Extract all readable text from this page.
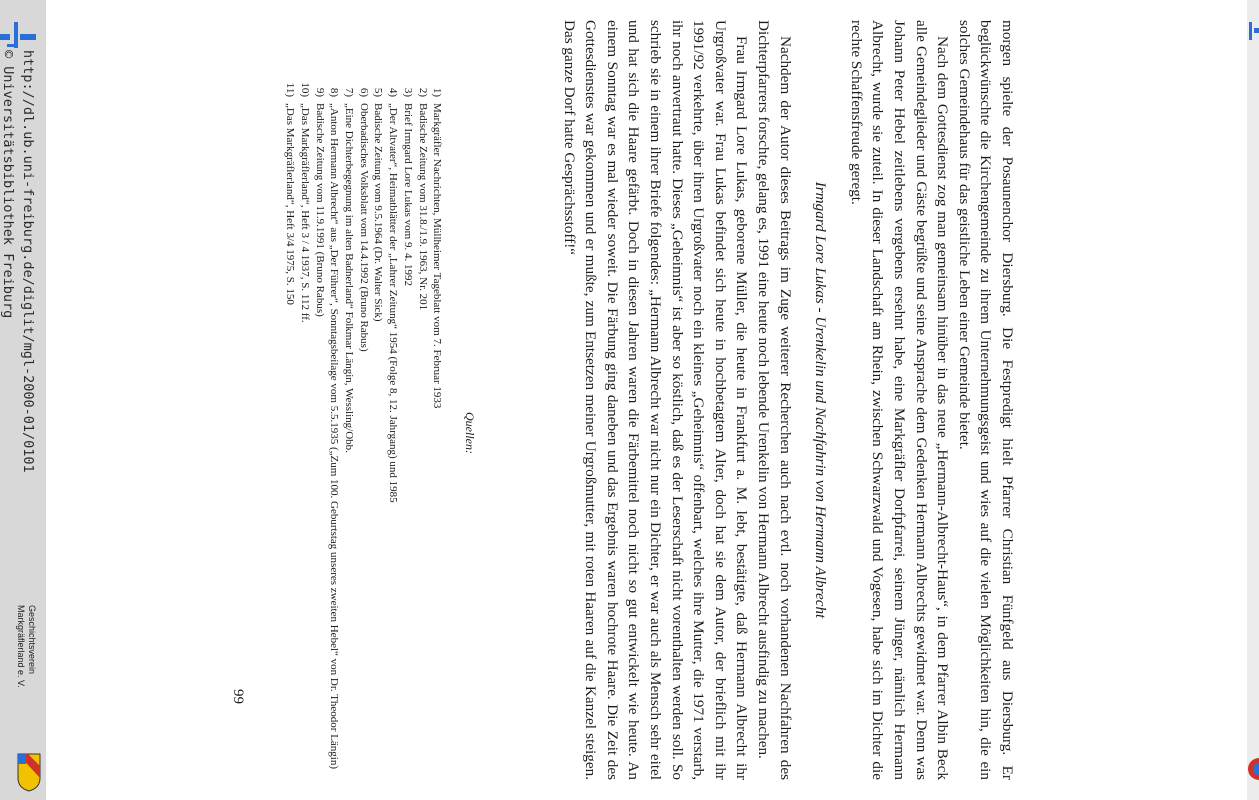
http://dl.ub.uni-freiburg.de/diglit/mgl-2000-01/0101
© Universitätsbibliothek Freiburg
Geschichtsverein
Markgräflerland e. V.	morgen spielte der Posaunenchor Diersburg. Die Festpredigt hielt Pfarrer Christian Fünfgeld aus Diersburg. Er beglückwünschte die Kirchengemeinde zu ihrem Unternehmungsgeist und wies auf die vielen Möglichkeiten hin, die ein solches Gemeindehaus für das geistliche Leben einer Gemeinde bietet.

Nach dem Gottesdienst zog man gemeinsam hinüber in das neue „Hermann-Albrecht-Haus“, in dem Pfarrer Albin Beck alle Gemeindeglieder und Gäste begrüßte und seine Ansprache dem Gedenken Hermann Albrechts gewidmet war. Denn was Johann Peter Hebel zeitlebens vergebens ersehnt habe, eine Markgräfler Dorfpfarrei, seinem Jünger, nämlich Hermann Albrecht, wurde sie zuteil. In dieser Landschaft am Rhein, zwischen Schwarzwald und Vogesen, habe sich im Dichter die rechte Schaffensfreude geregt.

Irmgard Lore Lukas - Urenkelin und Nachfahrin von Hermann Albrecht

Nachdem der Autor dieses Beitrags im Zuge weiterer Recherchen auch nach evtl. noch vorhandenen Nachfahren des Dichterpfarrers forschte, gelang es, 1991 eine heute noch lebende Urenkelin von Hermann Albrecht ausfindig zu machen.

Frau Irmgard Lore Lukas, geborene Müller, die heute in Frankfurt a. M. lebt, bestätigte, daß Hermann Albrecht ihr Urgroßvater war. Frau Lukas befindet sich heute in hochbetagtem Alter, doch hat sie dem Autor, der brieflich mit ihr 1991/92 verkehrte, über ihren Urgroßvater noch ein kleines „Geheimnis“ offenbart, welches ihre Mutter, die 1971 verstarb, ihr noch anvertraut hatte. Dieses „Geheimnis“ ist aber so köstlich, daß es der Leserschaft nicht vorenthalten werden soll. So schrieb sie in einem ihrer Briefe folgendes: „Hermann Albrecht war nicht nur ein Dichter, er war auch als Mensch sehr eitel und hat sich die Haare gefärbt. Doch in diesen Jahren waren die Färbemittel noch nicht so gut entwickelt wie heute. An einem Sonntag war es mal wieder soweit. Die Färbung ging daneben und das Ergebnis waren hochrote Haare. Die Zeit des Gottesdienstes war gekommen und er mußte, zum Entsetzen meiner Urgroßmutter, mit roten Haaren auf die Kanzel steigen. Das ganze Dorf hatte Gesprächsstoff!“

Quellen:
1)
Markgräfler Nachrichten, Müllheimer Tageblatt vom 7. Februar 1933
2)
Badische Zeitung vom 31.8./1.9. 1963, Nr. 201
3)
Brief Irmgard Lore Lukas vom 9. 4. 1992
4)
„Der Altvater“, Heimatblätter der „Lahrer Zeitung“ 1954 (Folge 8, 12. Jahrgang) und 1985
5)
Badische Zeitung vom 9.5.1964 (Dr. Walter Sick)
6)
Oberbadisches Volksblatt vom 14.4.1992 (Bruno Rabus)
7)
„Eine Dichterbegegnung im alten Badnerland“ Folkmar Längin, Wessling/Obb.
8)
„Anton Hermann Albrecht“ aus „Der Führer“, Sonntagsbeilage vom 5.5.1935 („Zum 100. Geburtstag unseres zweiten Hebel“ von Dr. Theodor Längin)
9)
Badische Zeitung vom 11.9.1991 (Bruno Rabus)
10)
„Das Markgräflerland“, Heft 3 / 4 1937, S. 112 ff.
11)
„Das Markgräflerland“, Heft 3/4 1975, S. 150
99
